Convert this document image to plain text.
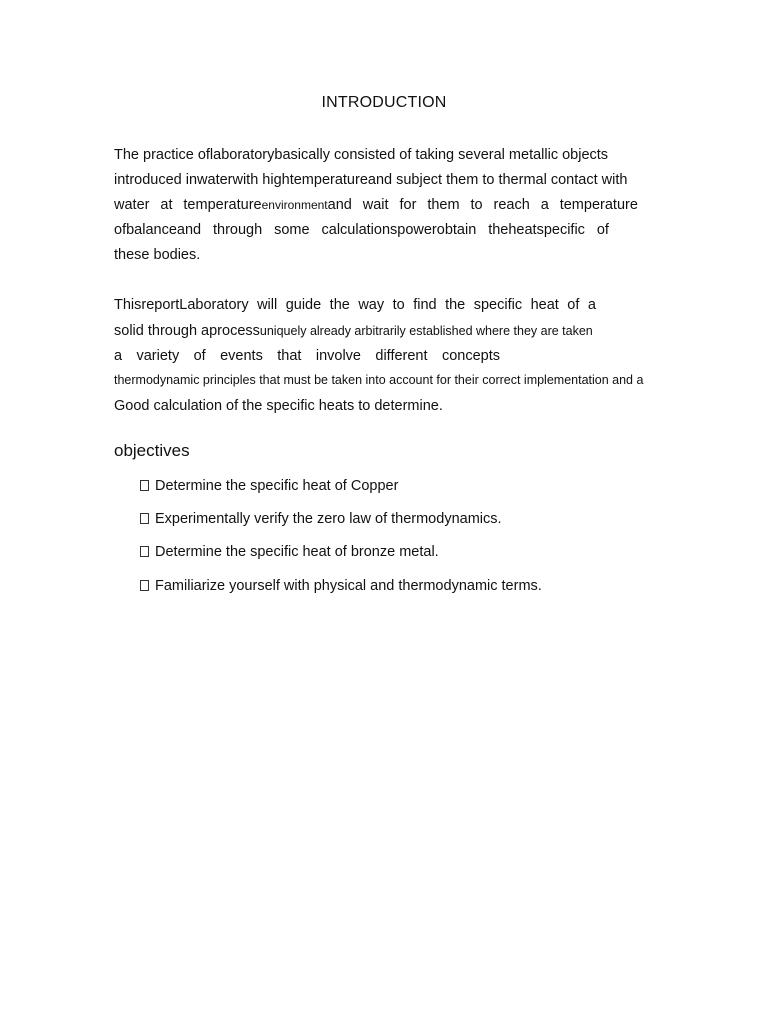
INTRODUCTION
The practice oflaboratorybasically consisted of taking several metallic objects
introduced inwaterwith hightemperatureand subject them to thermal contact with
water at temperatureenvironmentand wait for them to reach a temperature
ofbalanceand through some calculationspowerobtain theheatspecific of
these bodies.
ThisreportLaboratory will guide the way to find the specific heat of a
solid through aprocessuniquely already arbitrarily established where they are taken
a variety of events that involve different concepts
thermodynamic principles that must be taken into account for their correct implementation and a
Good calculation of the specific heats to determine.
objectives
Determine the specific heat of Copper
Experimentally verify the zero law of thermodynamics.
Determine the specific heat of bronze metal.
Familiarize yourself with physical and thermodynamic terms.
